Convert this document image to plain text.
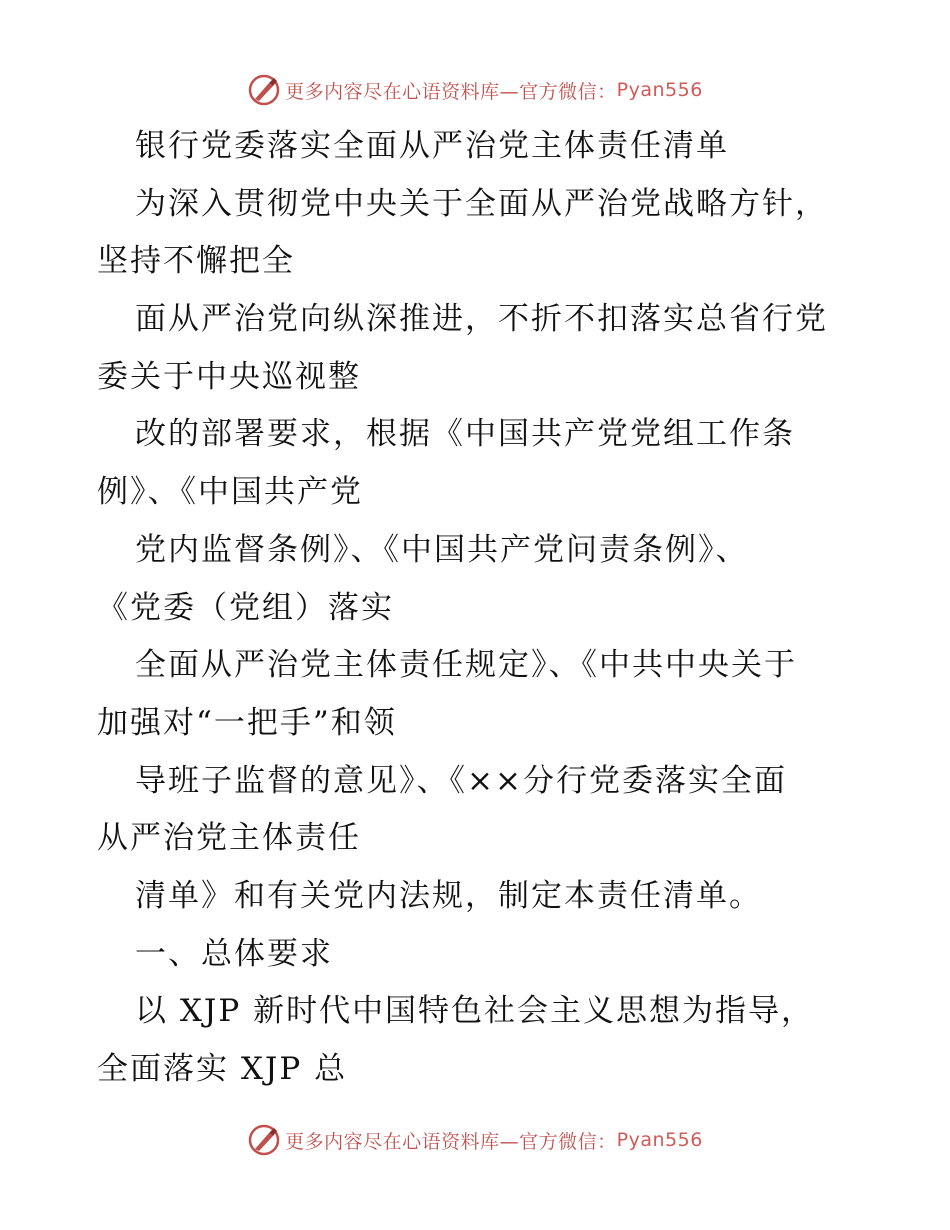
更多内容尽在心语资料库—官方微信： Pyan556
银行党委落实全面从严治党主体责任清单
为深入贯彻党中央关于全面从严治党战略方针，
坚持不懈把全
面从严治党向纵深推进，不折不扣落实总省行党
委关于中央巡视整
改的部署要求，根据《中国共产党党组工作条
例》、《中国共产党
党内监督条例》、《中国共产党问责条例》、
《党委（党组）落实
全面从严治党主体责任规定》、《中共中央关于
加强对“一把手”和领
导班子监督的意见》、《××分行党委落实全面
从严治党主体责任
清单》和有关党内法规，制定本责任清单。
一、总体要求
以 XJP 新时代中国特色社会主义思想为指导，
全面落实 XJP 总
更多内容尽在心语资料库—官方微信： Pyan556
